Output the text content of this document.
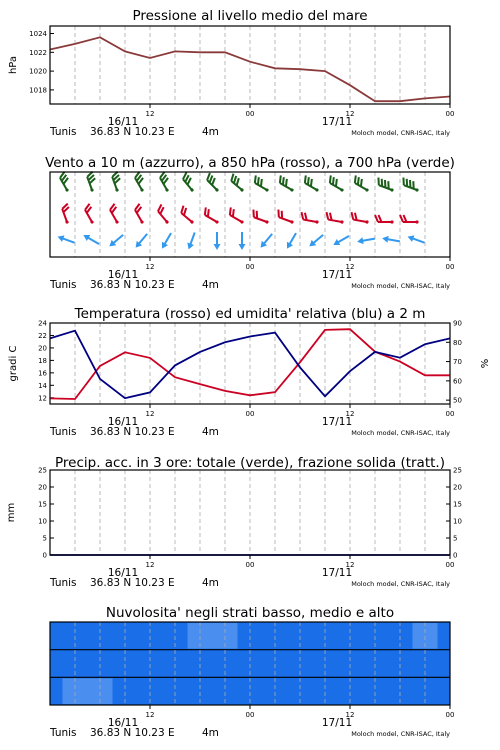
Pressione al livello medio del mare
12	00	12	00
16/11	17/11
Tunis 36.83 N 10.23 E	4m	Moloch model, CNR-ISAC, Italy
1018
1020
1022
1024
hPa
Vento a 10 m (azzurro), a 850 hPa (rosso), a 700 hPa (verde)
12	00	12	00
16/11	17/11
Tunis 36.83 N 10.23 E	4m	Moloch model, CNR-ISAC, Italy
Temperatura (rosso) ed umidita' relativa (blu) a 2 m
12	00	12	00
16/11	17/11
Tunis 36.83 N 10.23 E	4m	Moloch model, CNR-ISAC, Italy
12
14
16
18
20
22
24
50
60
70
80
90
gradi C	%
Precip. acc. in 3 ore: totale (verde), frazione solida (tratt.)
12	00	12	00
16/11	17/11
Tunis 36.83 N 10.23 E	4m	Moloch model, CNR-ISAC, Italy
0
5
10
15
20
25
0
5
10
15
20
25
mm
Nuvolosita' negli strati basso, medio e alto
12	00	12	00
16/11	17/11
Tunis 36.83 N 10.23 E	4m	Moloch model, CNR-ISAC, Italy
